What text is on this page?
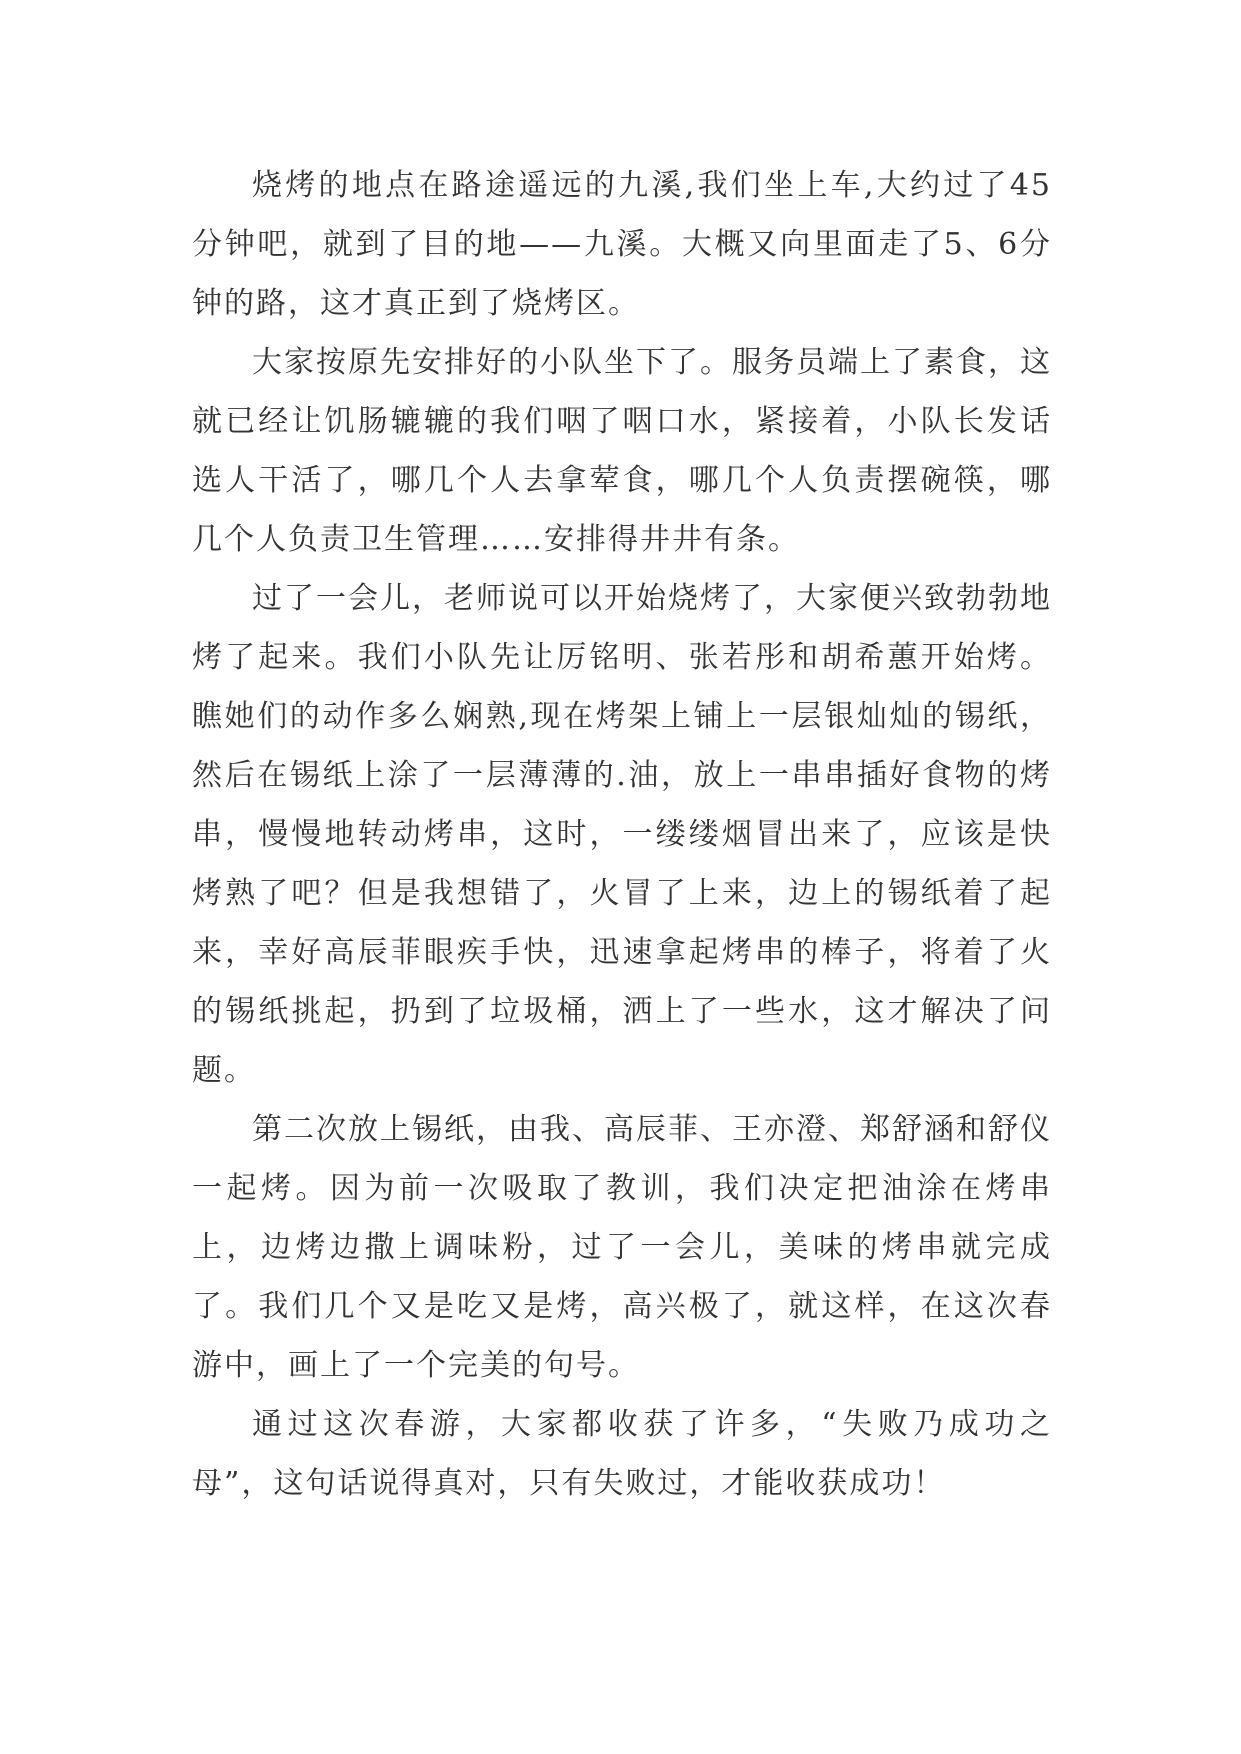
烧烤的地点在路途遥远的九溪,我们坐上车,大约过了45分钟吧，就到了目的地——九溪。大概又向里面走了5、6分钟的路，这才真正到了烧烤区。

大家按原先安排好的小队坐下了。服务员端上了素食，这就已经让饥肠辘辘的我们咽了咽口水，紧接着，小队长发话选人干活了，哪几个人去拿荤食，哪几个人负责摆碗筷，哪几个人负责卫生管理……安排得井井有条。

过了一会儿，老师说可以开始烧烤了，大家便兴致勃勃地烤了起来。我们小队先让厉铭明、张若彤和胡希蕙开始烤。瞧她们的动作多么娴熟,现在烤架上铺上一层银灿灿的锡纸，然后在锡纸上涂了一层薄薄的.油，放上一串串插好食物的烤串，慢慢地转动烤串，这时，一缕缕烟冒出来了，应该是快烤熟了吧？但是我想错了，火冒了上来，边上的锡纸着了起来，幸好高辰菲眼疾手快，迅速拿起烤串的棒子，将着了火的锡纸挑起，扔到了垃圾桶，洒上了一些水，这才解决了问题。

第二次放上锡纸，由我、高辰菲、王亦澄、郑舒涵和舒仪一起烤。因为前一次吸取了教训，我们决定把油涂在烤串上，边烤边撒上调味粉，过了一会儿，美味的烤串就完成了。我们几个又是吃又是烤，高兴极了，就这样，在这次春游中，画上了一个完美的句号。

通过这次春游，大家都收获了许多，“失败乃成功之母”，这句话说得真对，只有失败过，才能收获成功！
